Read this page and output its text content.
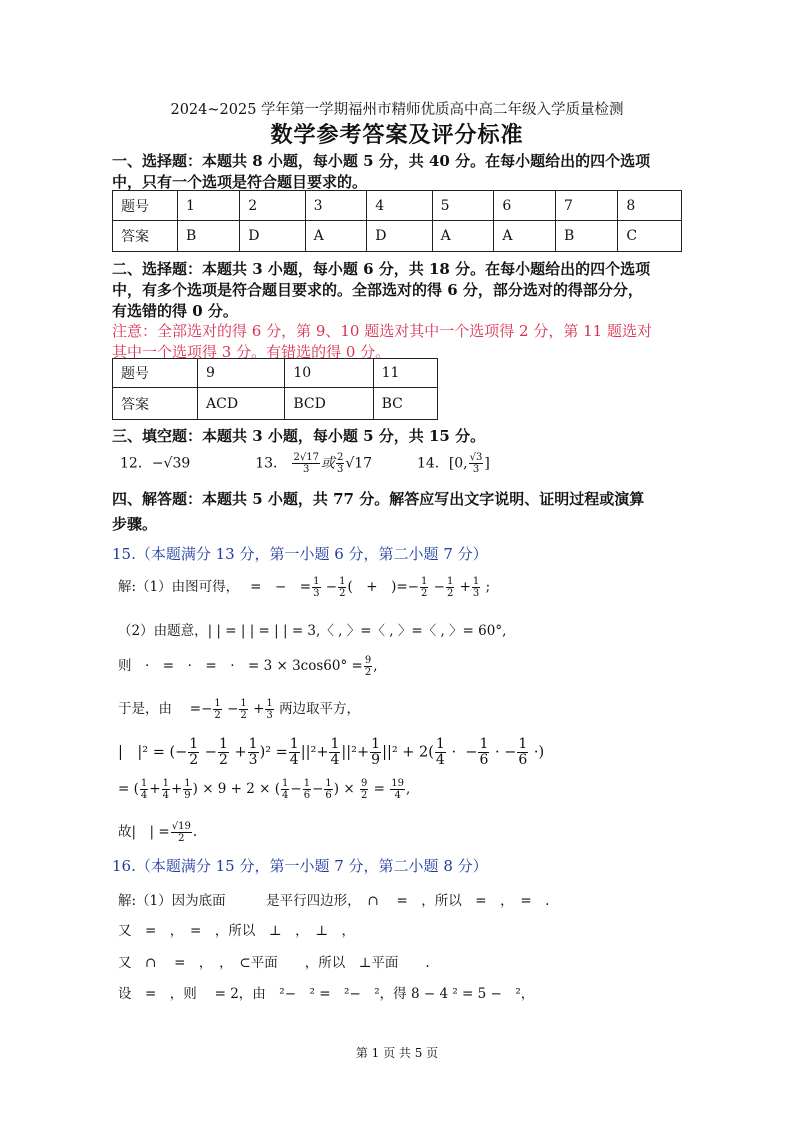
2024~2025 学年第一学期福州市精师优质高中高二年级入学质量检测
数学参考答案及评分标准
一、选择题：本题共 8 小题，每小题 5 分，共 40 分。在每小题给出的四个选项
中，只有一个选项是符合题目要求的。
题号	1	2	3	4	5	6	7	8
答案	B	D	A	D	A	A	B	C
二、选择题：本题共 3 小题，每小题 6 分，共 18 分。在每小题给出的四个选项
中，有多个选项是符合题目要求的。全部选对的得 6 分，部分选对的得部分分，
有选错的得 0 分。
注意：全部选对的得 6 分，第 9、10 题选对其中一个选项得 2 分，第 11 题选对
其中一个选项得 3 分。有错选的得 0 分。
题号	9	10	11
答案	ACD	BCD	BC
三、填空题：本题共 3 小题，每小题 5 分，共 15 分。
12．−√39	13． $\frac{2√17}{3}$ 或 $\frac{2}{3} √17$	14．[0, $\frac{√3}{3}$ ]
四、解答题：本题共 5 小题，共 77 分。解答应写出文字说明、证明过程或演算
步骤。
15.（本题满分 13 分，第一小题 6 分，第二小题 7 分）
解:（1）由图可得，　 =　−　= $\frac{1}{3} - \frac{1}{2}$ (　+　)=− $\frac{1}{2} - \frac{1}{2} + \frac{1}{3}$ ;
（2）由题意，| | = | | = | | = 3,〈 , 〉=〈 , 〉=〈 , 〉= 60°,
则　·　=　·　=　·　= $3 \times 3\cos 60^\circ = \frac{9}{2}$ ,
于是，由　 =− $\frac{1}{2} - \frac{1}{2} + \frac{1}{3}$ 两边取平方，
|　|² = (− $\frac{1}{2} - \frac{1}{2} + \frac{1}{3} )^2 = \frac{1}{4} ||^2+ \frac{1}{4} ||^2+ \frac{1}{9} ||^2 + 2( \frac{1}{4}$ · − $\frac{1}{6}$ · − $\frac{1}{6}$ ·)
= ( $\frac{1}{4} + \frac{1}{4} + \frac{1}{9}$ ) × 9 + 2 × ( $\frac{1}{4} - \frac{1}{6} - \frac{1}{6}$ ) × $\frac{9}{2} = \frac{19}{4}$ ,
故|　| = $\frac{√19}{2}$ .
16.（本题满分 15 分，第一小题 7 分，第二小题 8 分）
解:（1）因为底面　　　是平行四边形，　∩　 =　，所以　=　，　=　.
又　=　，　=　，所以　⊥　，　⊥　，
又　∩　 =　，　，　⊂平面　　，所以　⊥平面　　.
设　=　，则　 = 2，由　²−　² =　²−　²，得 8 − 4 ² = 5 −　²，
第 1 页 共 5 页
